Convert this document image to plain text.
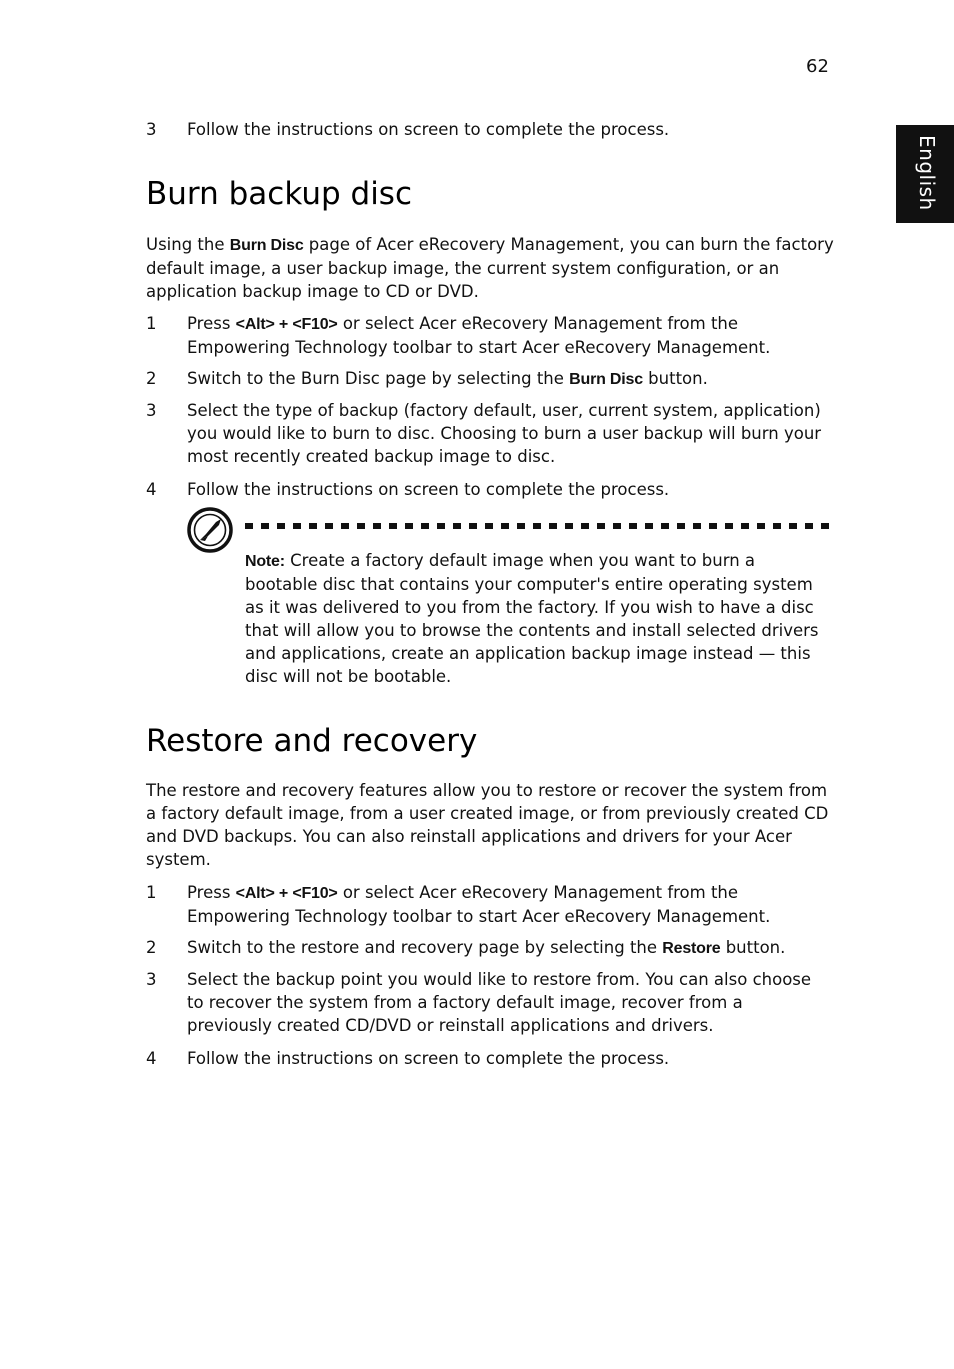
62
English
3	Follow the instructions on screen to complete the process.

Burn backup disc

Using the Burn Disc page of Acer eRecovery Management, you can burn the factory default image, a user backup image, the current system configuration, or an application backup image to CD or DVD.

1	Press <Alt> + <F10> or select Acer eRecovery Management from the Empowering Technology toolbar to start Acer eRecovery Management.

2	Switch to the Burn Disc page by selecting the Burn Disc button.

3	Select the type of backup (factory default, user, current system, application) you would like to burn to disc. Choosing to burn a user backup will burn your most recently created backup image to disc.

4	Follow the instructions on screen to complete the process.

Restore and recovery

The restore and recovery features allow you to restore or recover the system from a factory default image, from a user created image, or from previously created CD and DVD backups. You can also reinstall applications and drivers for your Acer system.

1	Press <Alt> + <F10> or select Acer eRecovery Management from the Empowering Technology toolbar to start Acer eRecovery Management.

2	Switch to the restore and recovery page by selecting the Restore button.

3	Select the backup point you would like to restore from. You can also choose to recover the system from a factory default image, recover from a previously created CD/DVD or reinstall applications and drivers.

4	Follow the instructions on screen to complete the process.

Note: Create a factory default image when you want to burn a bootable disc that contains your computer's entire operating system as it was delivered to you from the factory. If you wish to have a disc that will allow you to browse the contents and install selected drivers and applications, create an application backup image instead — this disc will not be bootable.
